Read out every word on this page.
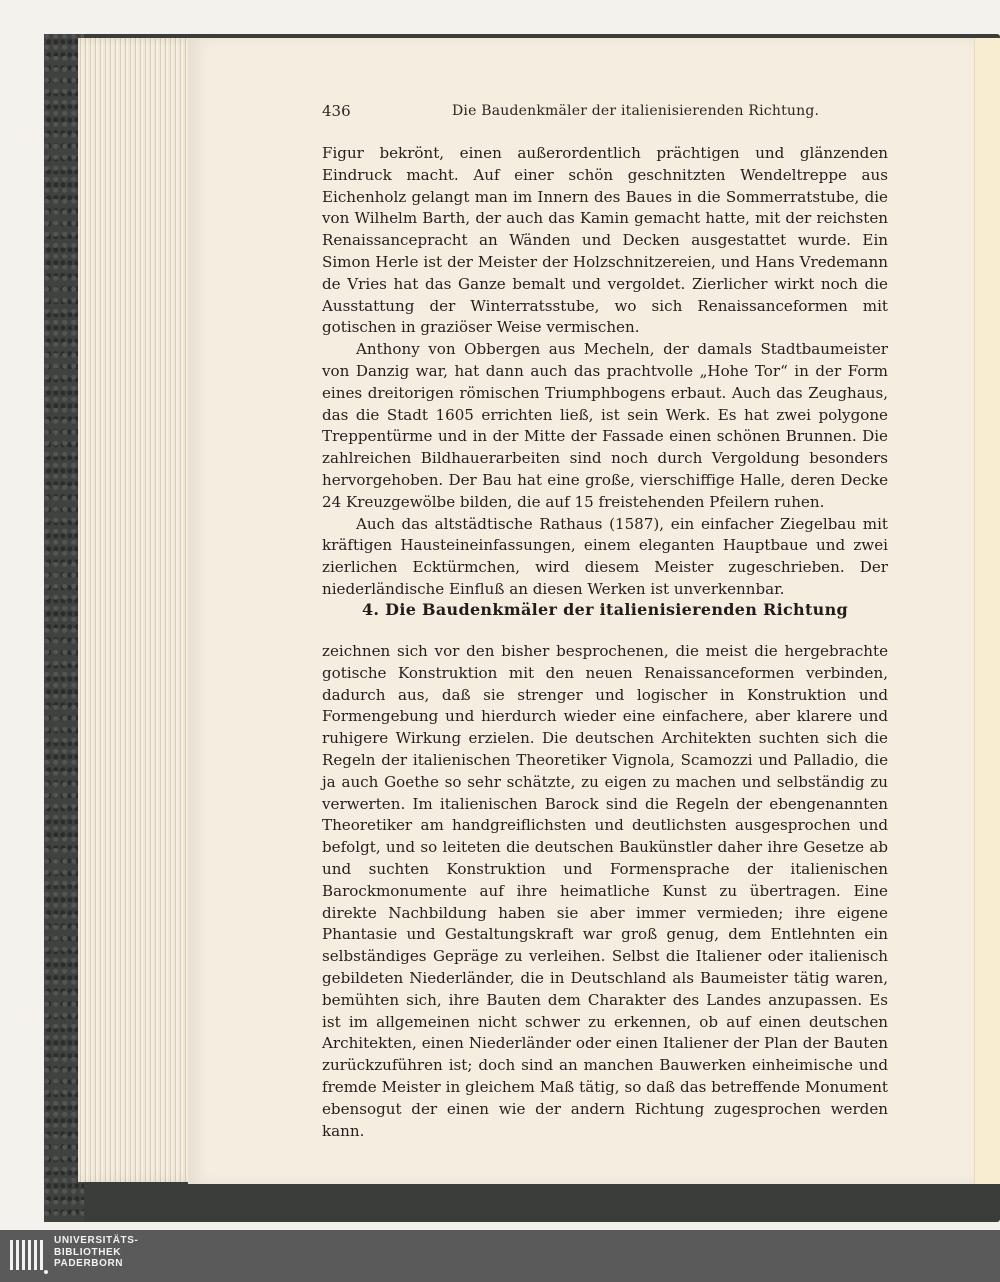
436	Die Baudenkmäler der italienisierenden Richtung.

Figur bekrönt, einen außerordentlich prächtigen und glänzenden Eindruck macht. Auf einer schön geschnitzten Wendeltreppe aus Eichenholz gelangt man im Innern des Baues in die Sommerratstube, die von Wilhelm Barth, der auch das Kamin gemacht hatte, mit der reichsten Renaissancepracht an Wänden und Decken ausgestattet wurde. Ein Simon Herle ist der Meister der Holzschnitzereien, und Hans Vredemann de Vries hat das Ganze bemalt und vergoldet. Zierlicher wirkt noch die Ausstattung der Winterratsstube, wo sich Renaissanceformen mit gotischen in graziöser Weise vermischen.

Anthony von Obbergen aus Mecheln, der damals Stadtbaumeister von Danzig war, hat dann auch das prachtvolle „Hohe Tor“ in der Form eines dreitorigen römischen Triumphbogens erbaut. Auch das Zeughaus, das die Stadt 1605 errichten ließ, ist sein Werk. Es hat zwei polygone Treppentürme und in der Mitte der Fassade einen schönen Brunnen. Die zahlreichen Bildhauerarbeiten sind noch durch Vergoldung besonders hervorgehoben. Der Bau hat eine große, vierschiffige Halle, deren Decke 24 Kreuzgewölbe bilden, die auf 15 freistehenden Pfeilern ruhen.

Auch das altstädtische Rathaus (1587), ein einfacher Ziegelbau mit kräftigen Hausteineinfassungen, einem eleganten Hauptbaue und zwei zierlichen Ecktürmchen, wird diesem Meister zugeschrieben. Der niederländische Einfluß an diesen Werken ist unverkennbar.

4. Die Baudenkmäler der italienisierenden Richtung

zeichnen sich vor den bisher besprochenen, die meist die hergebrachte gotische Konstruktion mit den neuen Renaissanceformen verbinden, dadurch aus, daß sie strenger und logischer in Konstruktion und Formengebung und hierdurch wieder eine einfachere, aber klarere und ruhigere Wirkung erzielen. Die deutschen Architekten suchten sich die Regeln der italienischen Theoretiker Vignola, Scamozzi und Palladio, die ja auch Goethe so sehr schätzte, zu eigen zu machen und selbständig zu verwerten. Im italienischen Barock sind die Regeln der ebengenannten Theoretiker am handgreiflichsten und deutlichsten ausgesprochen und befolgt, und so leiteten die deutschen Baukünstler daher ihre Gesetze ab und suchten Konstruktion und Formensprache der italienischen Barockmonumente auf ihre heimatliche Kunst zu übertragen. Eine direkte Nachbildung haben sie aber immer vermieden; ihre eigene Phantasie und Gestaltungskraft war groß genug, dem Entlehnten ein selbständiges Gepräge zu verleihen. Selbst die Italiener oder italienisch gebildeten Niederländer, die in Deutschland als Baumeister tätig waren, bemühten sich, ihre Bauten dem Charakter des Landes anzupassen. Es ist im allgemeinen nicht schwer zu erkennen, ob auf einen deutschen Architekten, einen Niederländer oder einen Italiener der Plan der Bauten zurückzuführen ist; doch sind an manchen Bauwerken einheimische und fremde Meister in gleichem Maß tätig, so daß das betreffende Monument ebensogut der einen wie der andern Richtung zugesprochen werden kann.

UNIVERSITÄTS-
BIBLIOTHEK
PADERBORN
